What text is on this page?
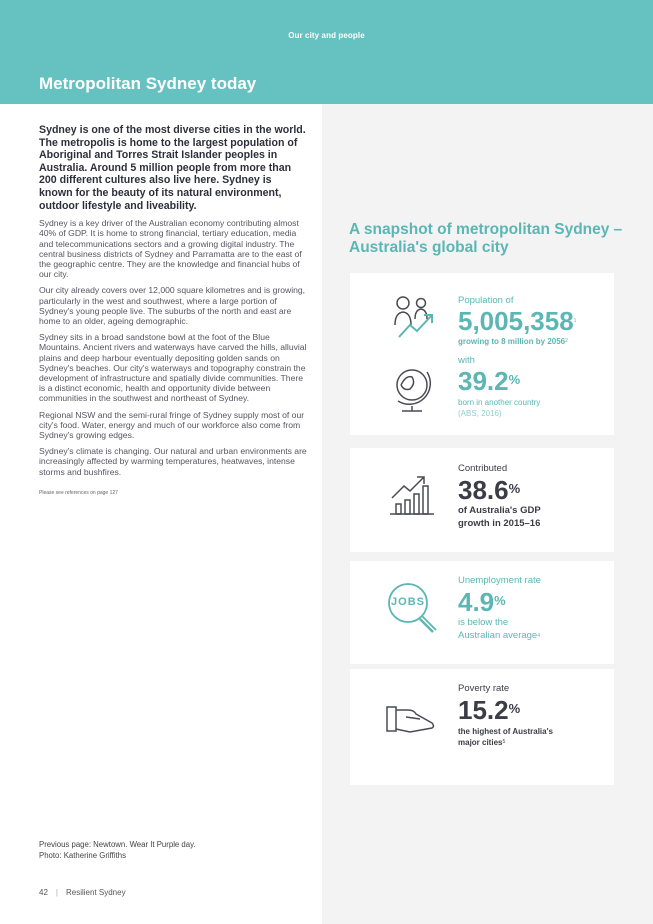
Our city and people
Metropolitan Sydney today

Sydney is one of the most diverse cities in the world. The metropolis is home to the largest population of Aboriginal and Torres Strait Islander peoples in Australia. Around 5 million people from more than 200 different cultures also live here. Sydney is known for the beauty of its natural environment, outdoor lifestyle and liveability.

Sydney is a key driver of the Australian economy contributing almost 40% of GDP. It is home to strong financial, tertiary education, media and telecommunications sectors and a growing digital industry. The central business districts of Sydney and Parramatta are to the east of the geographic centre. They are the knowledge and financial hubs of our city.

Our city already covers over 12,000 square kilometres and is growing, particularly in the west and southwest, where a large portion of Sydney's young people live. The suburbs of the north and east are home to an older, ageing demographic.

Sydney sits in a broad sandstone bowl at the foot of the Blue Mountains. Ancient rivers and waterways have carved the hills, alluvial plains and deep harbour eventually depositing golden sands on Sydney's beaches. Our city's waterways and topography constrain the development of infrastructure and spatially divide communities. There is a distinct economic, health and opportunity divide between communities in the southwest and northeast of Sydney.

Regional NSW and the semi-rural fringe of Sydney supply most of our city's food. Water, energy and much of our workforce also come from Sydney's growing edges.

Sydney's climate is changing. Our natural and urban environments are increasingly affected by warming temperatures, heatwaves, intense storms and bushfires.

Please see references on page 127
A snapshot of metropolitan Sydney – Australia's global city
Population of
5,005,358$^1$
growing to 8 million by 2056$^2$
with
39.2%
born in another country
(ABS, 2016)
Contributed
38.6%
of Australia's GDP
growth in 2015–16
JOBS
Unemployment rate
4.9%
is below the
Australian average$^4$
Poverty rate
15.2%
the highest of Australia's
major cities$^5$
Previous page: Newtown. Wear It Purple day.
Photo: Katherine Griffiths
42 | Resilient Sydney
